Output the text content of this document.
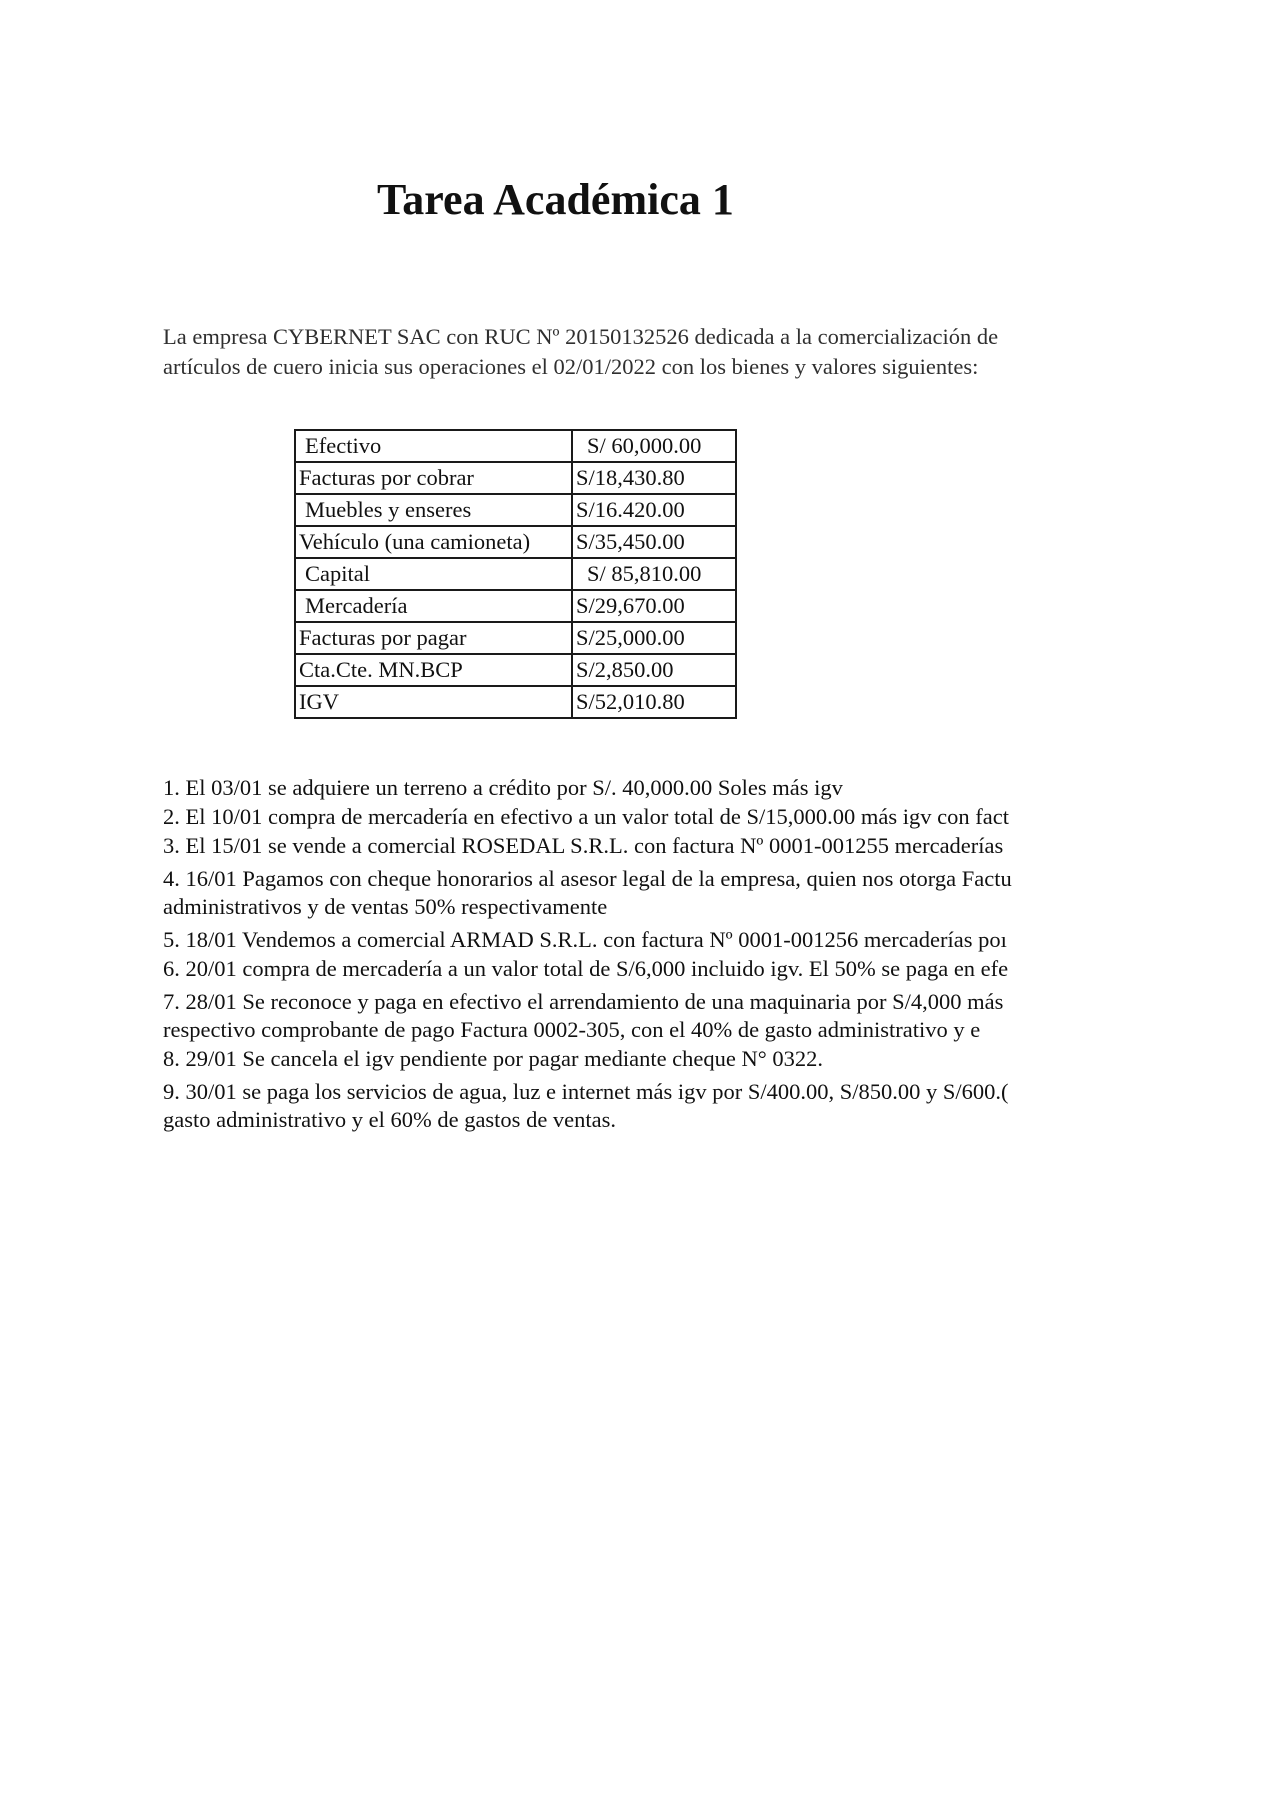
Tarea Académica 1

La empresa CYBERNET SAC con RUC Nº 20150132526 dedicada a la comercialización de

artículos de cuero inicia sus operaciones el 02/01/2022 con los bienes y valores siguientes:

Efectivo	S/ 60,000.00
Facturas por cobrar	S/18,430.80
Muebles y enseres	S/16.420.00
Vehículo (una camioneta)	S/35,450.00
Capital	S/ 85,810.00
Mercadería	S/29,670.00
Facturas por pagar	S/25,000.00
Cta.Cte. MN.BCP	S/2,850.00
IGV	S/52,010.80
1. El 03/01 se adquiere un terreno a crédito por S/. 40,000.00 Soles más igv
2. El 10/01 compra de mercadería en efectivo a un valor total de S/15,000.00 más igv con fact
3. El 15/01 se vende a comercial ROSEDAL S.R.L. con factura Nº 0001-001255 mercaderías
4. 16/01 Pagamos con cheque honorarios al asesor legal de la empresa, quien nos otorga Factu
administrativos y de ventas 50% respectivamente
5. 18/01 Vendemos a comercial ARMAD S.R.L. con factura Nº 0001-001256 mercaderías poı
6. 20/01 compra de mercadería a un valor total de S/6,000 incluido igv. El 50% se paga en efe
7. 28/01 Se reconoce y paga en efectivo el arrendamiento de una maquinaria por S/4,000 más
respectivo comprobante de pago Factura 0002-305, con el 40% de gasto administrativo y e
8. 29/01 Se cancela el igv pendiente por pagar mediante cheque N° 0322.
9. 30/01 se paga los servicios de agua, luz e internet más igv por S/400.00, S/850.00 y S/600.(
gasto administrativo y el 60% de gastos de ventas.
